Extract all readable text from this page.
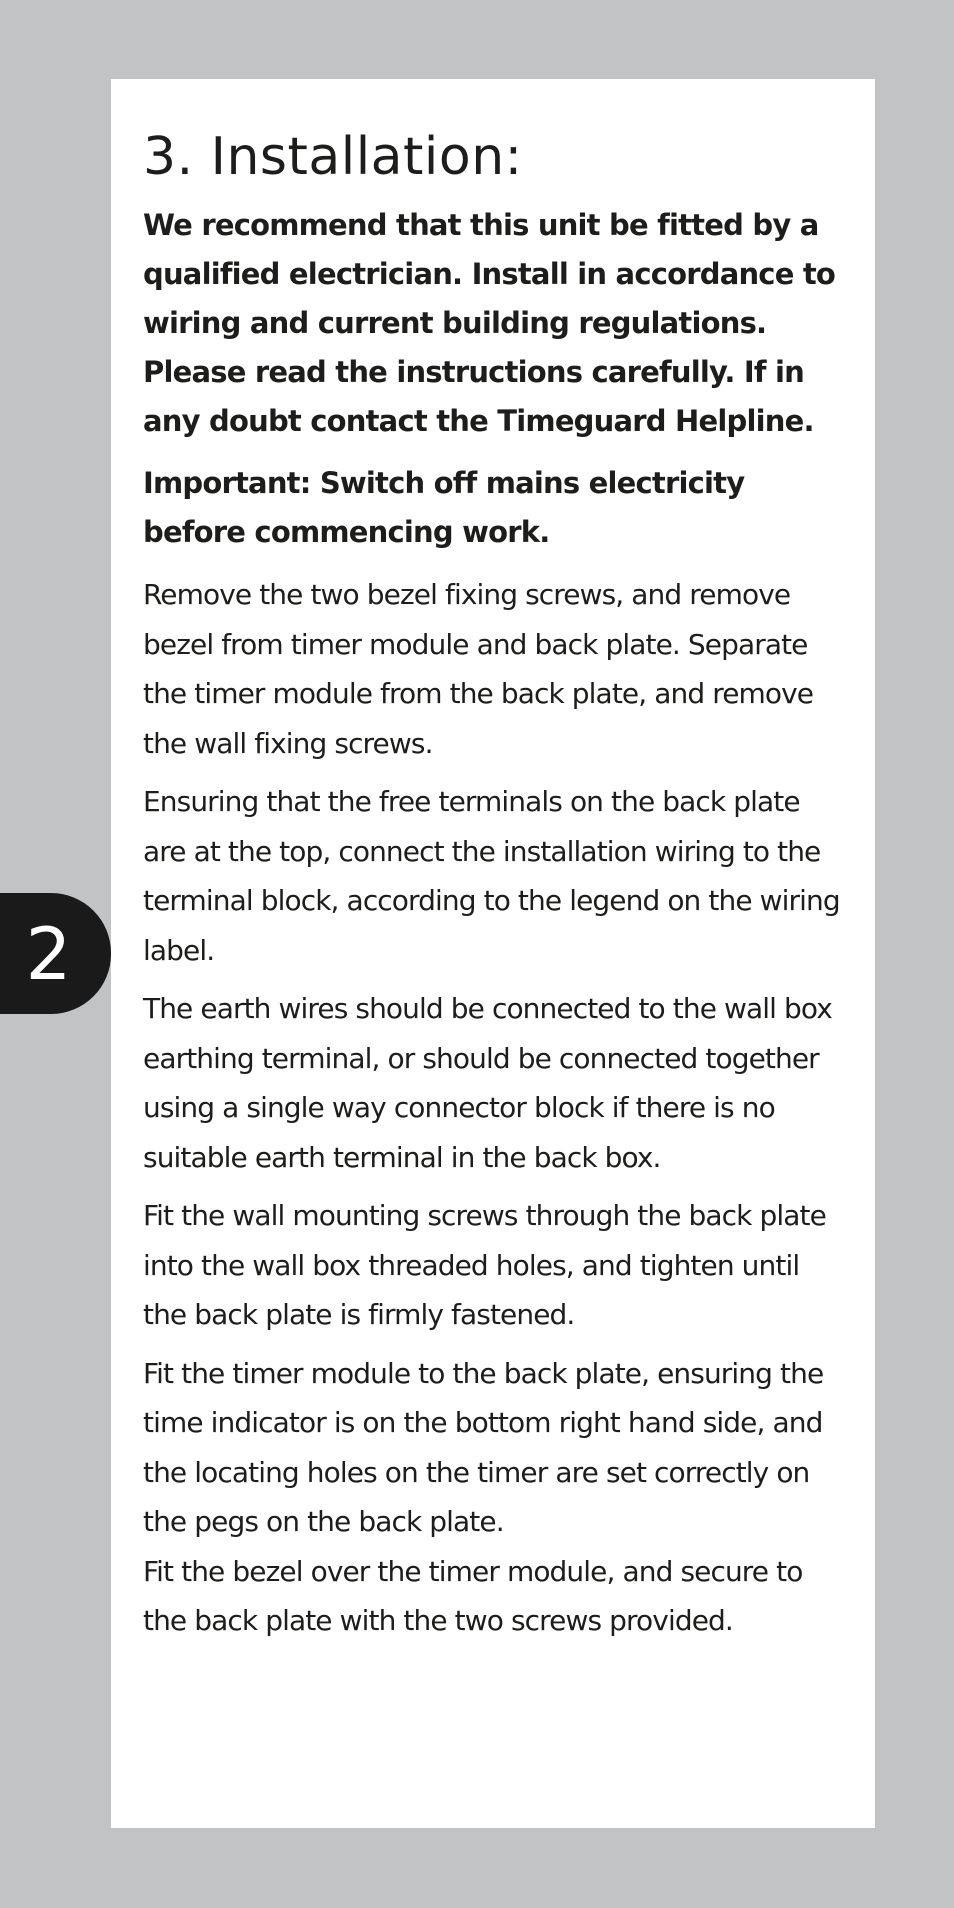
3. Installation:

We recommend that this unit be fitted by a qualified electrician. Install in accordance to wiring and current building regulations. Please read the instructions carefully. If in any doubt contact the Timeguard Helpline.

Important: Switch off mains electricity before commencing work.

Remove the two bezel fixing screws, and remove bezel from timer module and back plate. Separate the timer module from the back plate, and remove the wall fixing screws.

Ensuring that the free terminals on the back plate are at the top, connect the installation wiring to the terminal block, according to the legend on the wiring label.

The earth wires should be connected to the wall box earthing terminal, or should be connected together using a single way connector block if there is no suitable earth terminal in the back box.

Fit the wall mounting screws through the back plate into the wall box threaded holes, and tighten until the back plate is firmly fastened.

Fit the timer module to the back plate, ensuring the time indicator is on the bottom right hand side, and the locating holes on the timer are set correctly on the pegs on the back plate.

Fit the bezel over the timer module, and secure to the back plate with the two screws provided.

2
